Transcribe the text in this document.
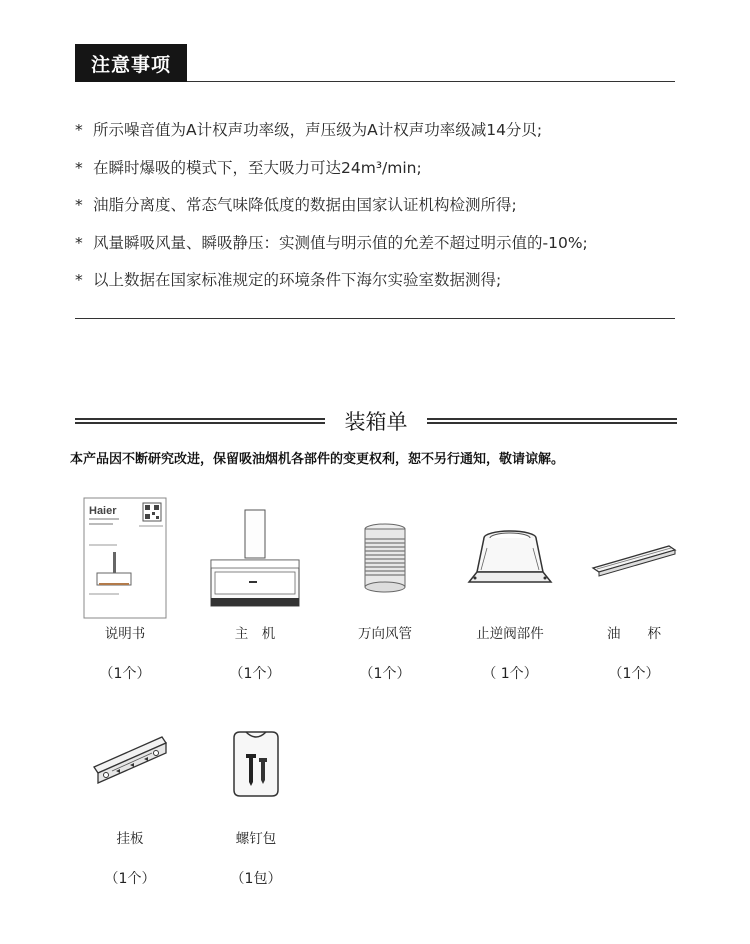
注意事项
* 所示噪音值为A计权声功率级，声压级为A计权声功率级减14分贝;
* 在瞬时爆吸的模式下，至大吸力可达24m³/min;
* 油脂分离度、常态气味降低度的数据由国家认证机构检测所得;
* 风量瞬吸风量、瞬吸静压：实测值与明示值的允差不超过明示值的-10%;
* 以上数据在国家标准规定的环境条件下海尔实验室数据测得;
装箱单
本产品因不断研究改进，保留吸油烟机各部件的变更权利，恕不另行通知，敬请谅解。
Haier
说明书
（1个）
主　机
（1个）
万向风管
（1个）
止逆阀部件
（ 1个）
油　　杯
（1个）
挂板
（1个）
螺钉包
（1包）
